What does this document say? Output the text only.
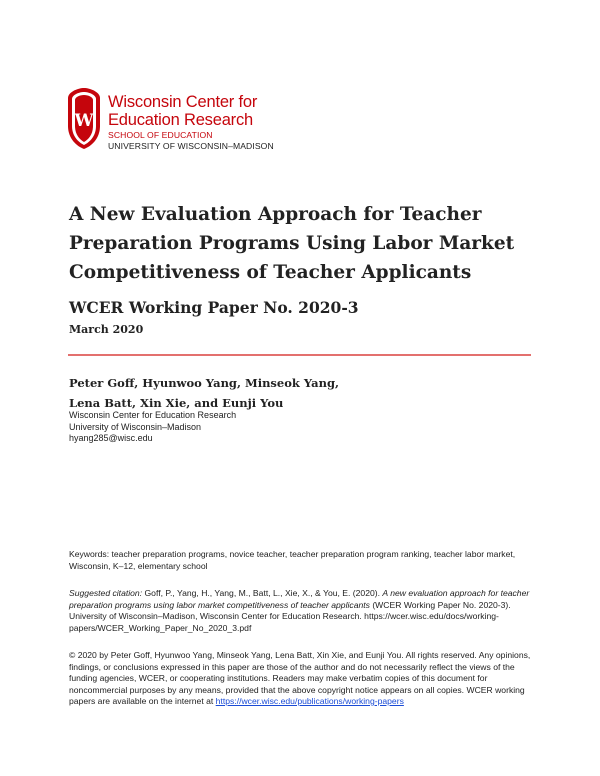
W
Wisconsin Center for
Education Research
SCHOOL OF EDUCATION
UNIVERSITY OF WISCONSIN–MADISON
A New Evaluation Approach for Teacher
Preparation Programs Using Labor Market
Competitiveness of Teacher Applicants
WCER Working Paper No. 2020-3
March 2020
Peter Goff, Hyunwoo Yang, Minseok Yang,
Lena Batt, Xin Xie, and Eunji You
Wisconsin Center for Education Research
University of Wisconsin–Madison
hyang285@wisc.edu
Keywords: teacher preparation programs, novice teacher, teacher preparation program ranking, teacher labor market, Wisconsin, K–12, elementary school
Suggested citation: Goff, P., Yang, H., Yang, M., Batt, L., Xie, X., & You, E. (2020). A new evaluation approach for teacher preparation programs using labor market competitiveness of teacher applicants (WCER Working Paper No. 2020-3). University of Wisconsin–Madison, Wisconsin Center for Education Research. https://wcer.wisc.edu/docs/working-papers/WCER_Working_Paper_No_2020_3.pdf
© 2020 by Peter Goff, Hyunwoo Yang, Minseok Yang, Lena Batt, Xin Xie, and Eunji You. All rights reserved. Any opinions, findings, or conclusions expressed in this paper are those of the author and do not necessarily reflect the views of the funding agencies, WCER, or cooperating institutions. Readers may make verbatim copies of this document for noncommercial purposes by any means, provided that the above copyright notice appears on all copies. WCER working papers are available on the internet at https://wcer.wisc.edu/publications/working-papers
